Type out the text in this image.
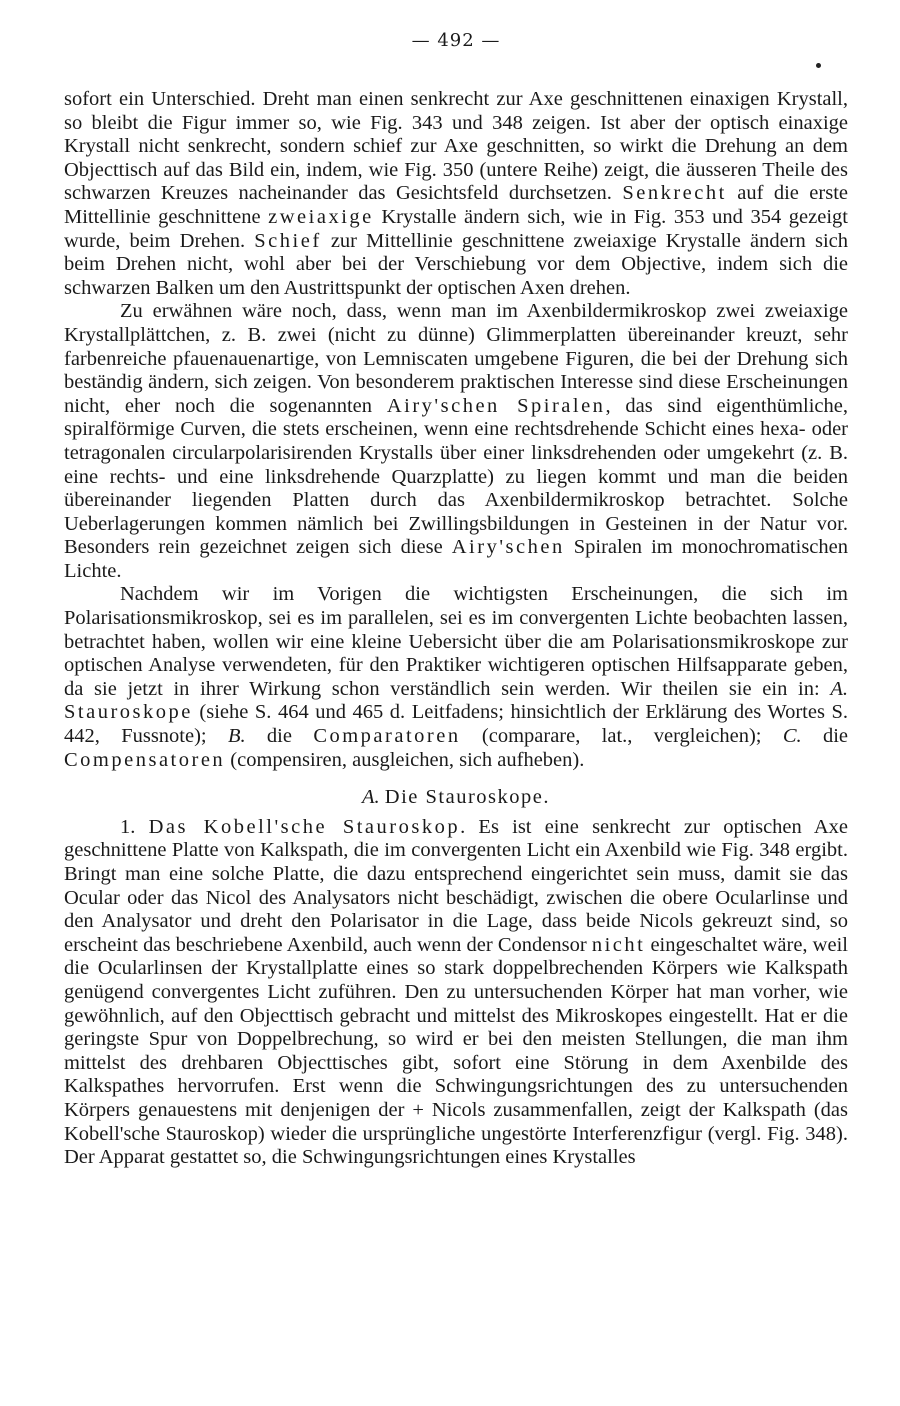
— 492 —

sofort ein Unterschied. Dreht man einen senkrecht zur Axe geschnittenen einaxigen Krystall, so bleibt die Figur immer so, wie Fig. 343 und 348 zeigen. Ist aber der optisch einaxige Krystall nicht senkrecht, sondern schief zur Axe geschnitten, so wirkt die Drehung an dem Objecttisch auf das Bild ein, indem, wie Fig. 350 (untere Reihe) zeigt, die äusseren Theile des schwarzen Kreuzes nacheinander das Gesichtsfeld durchsetzen. Senkrecht auf die erste Mittellinie geschnittene zweiaxige Krystalle ändern sich, wie in Fig. 353 und 354 gezeigt wurde, beim Drehen. Schief zur Mittellinie geschnittene zweiaxige Krystalle ändern sich beim Drehen nicht, wohl aber bei der Verschiebung vor dem Objective, indem sich die schwarzen Balken um den Austrittspunkt der optischen Axen drehen.

Zu erwähnen wäre noch, dass, wenn man im Axenbildermikroskop zwei zweiaxige Krystallplättchen, z. B. zwei (nicht zu dünne) Glimmerplatten übereinander kreuzt, sehr farbenreiche pfauenauenartige, von Lemniscaten umgebene Figuren, die bei der Drehung sich beständig ändern, sich zeigen. Von besonderem praktischen Interesse sind diese Erscheinungen nicht, eher noch die sogenannten Airy'schen Spiralen, das sind eigenthümliche, spiralförmige Curven, die stets erscheinen, wenn eine rechtsdrehende Schicht eines hexa- oder tetragonalen circularpolarisirenden Krystalls über einer linksdrehenden oder umgekehrt (z. B. eine rechts- und eine linksdrehende Quarzplatte) zu liegen kommt und man die beiden übereinander liegenden Platten durch das Axenbildermikroskop betrachtet. Solche Ueberlagerungen kommen nämlich bei Zwillingsbildungen in Gesteinen in der Natur vor. Besonders rein gezeichnet zeigen sich diese Airy'schen Spiralen im monochromatischen Lichte.

Nachdem wir im Vorigen die wichtigsten Erscheinungen, die sich im Polarisationsmikroskop, sei es im parallelen, sei es im convergenten Lichte beobachten lassen, betrachtet haben, wollen wir eine kleine Uebersicht über die am Polarisationsmikroskope zur optischen Analyse verwendeten, für den Praktiker wichtigeren optischen Hilfsapparate geben, da sie jetzt in ihrer Wirkung schon verständlich sein werden. Wir theilen sie ein in: A. Stauroskope (siehe S. 464 und 465 d. Leitfadens; hinsichtlich der Erklärung des Wortes S. 442, Fussnote); B. die Comparatoren (comparare, lat., vergleichen); C. die Compensatoren (compensiren, ausgleichen, sich aufheben).

A. Die Stauroskope.

1. Das Kobell'sche Stauroskop. Es ist eine senkrecht zur optischen Axe geschnittene Platte von Kalkspath, die im convergenten Licht ein Axenbild wie Fig. 348 ergibt. Bringt man eine solche Platte, die dazu entsprechend eingerichtet sein muss, damit sie das Ocular oder das Nicol des Analysators nicht beschädigt, zwischen die obere Ocularlinse und den Analysator und dreht den Polarisator in die Lage, dass beide Nicols gekreuzt sind, so erscheint das beschriebene Axenbild, auch wenn der Condensor nicht eingeschaltet wäre, weil die Ocularlinsen der Krystallplatte eines so stark doppelbrechenden Körpers wie Kalkspath genügend convergentes Licht zuführen. Den zu untersuchenden Körper hat man vorher, wie gewöhnlich, auf den Objecttisch gebracht und mittelst des Mikroskopes eingestellt. Hat er die geringste Spur von Doppelbrechung, so wird er bei den meisten Stellungen, die man ihm mittelst des drehbaren Objecttisches gibt, sofort eine Störung in dem Axenbilde des Kalkspathes hervorrufen. Erst wenn die Schwingungsrichtungen des zu untersuchenden Körpers genauestens mit denjenigen der + Nicols zusammenfallen, zeigt der Kalkspath (das Kobell'sche Stauroskop) wieder die ursprüngliche ungestörte Interferenzfigur (vergl. Fig. 348). Der Apparat gestattet so, die Schwingungsrichtungen eines Krystalles
